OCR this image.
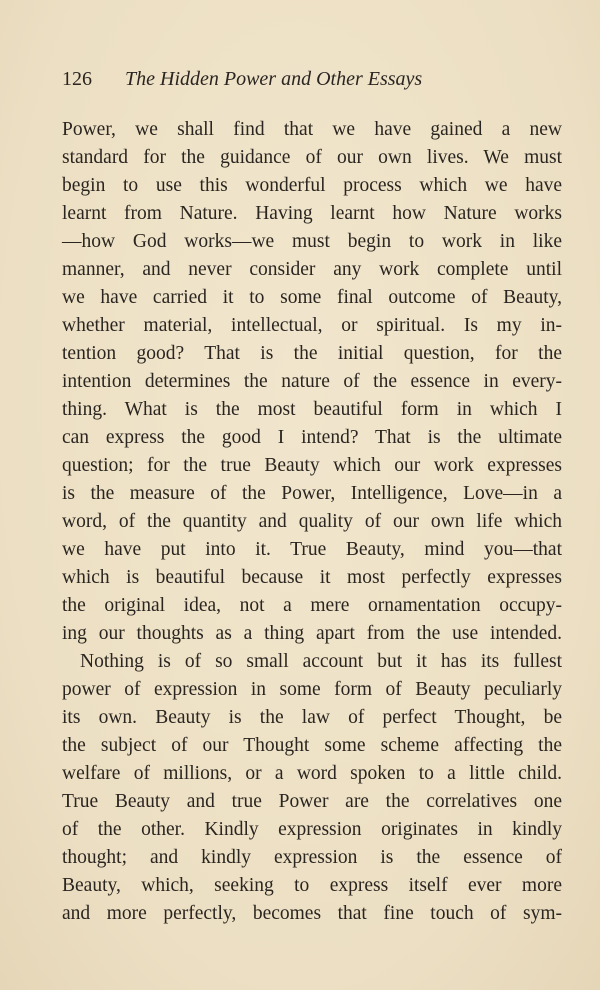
126 The Hidden Power and Other Essays
Power, we shall find that we have gained a new
standard for the guidance of our own lives. We must
begin to use this wonderful process which we have
learnt from Nature. Having learnt how Nature works
—how God works—we must begin to work in like
manner, and never consider any work complete until
we have carried it to some final outcome of Beauty,
whether material, intellectual, or spiritual. Is my in-
tention good? That is the initial question, for the
intention determines the nature of the essence in every-
thing. What is the most beautiful form in which I
can express the good I intend? That is the ultimate
question; for the true Beauty which our work expresses
is the measure of the Power, Intelligence, Love—in a
word, of the quantity and quality of our own life which
we have put into it. True Beauty, mind you—that
which is beautiful because it most perfectly expresses
the original idea, not a mere ornamentation occupy-
ing our thoughts as a thing apart from the use intended.
Nothing is of so small account but it has its fullest
power of expression in some form of Beauty peculiarly
its own. Beauty is the law of perfect Thought, be
the subject of our Thought some scheme affecting the
welfare of millions, or a word spoken to a little child.
True Beauty and true Power are the correlatives one
of the other. Kindly expression originates in kindly
thought; and kindly expression is the essence of
Beauty, which, seeking to express itself ever more
and more perfectly, becomes that fine touch of sym-
